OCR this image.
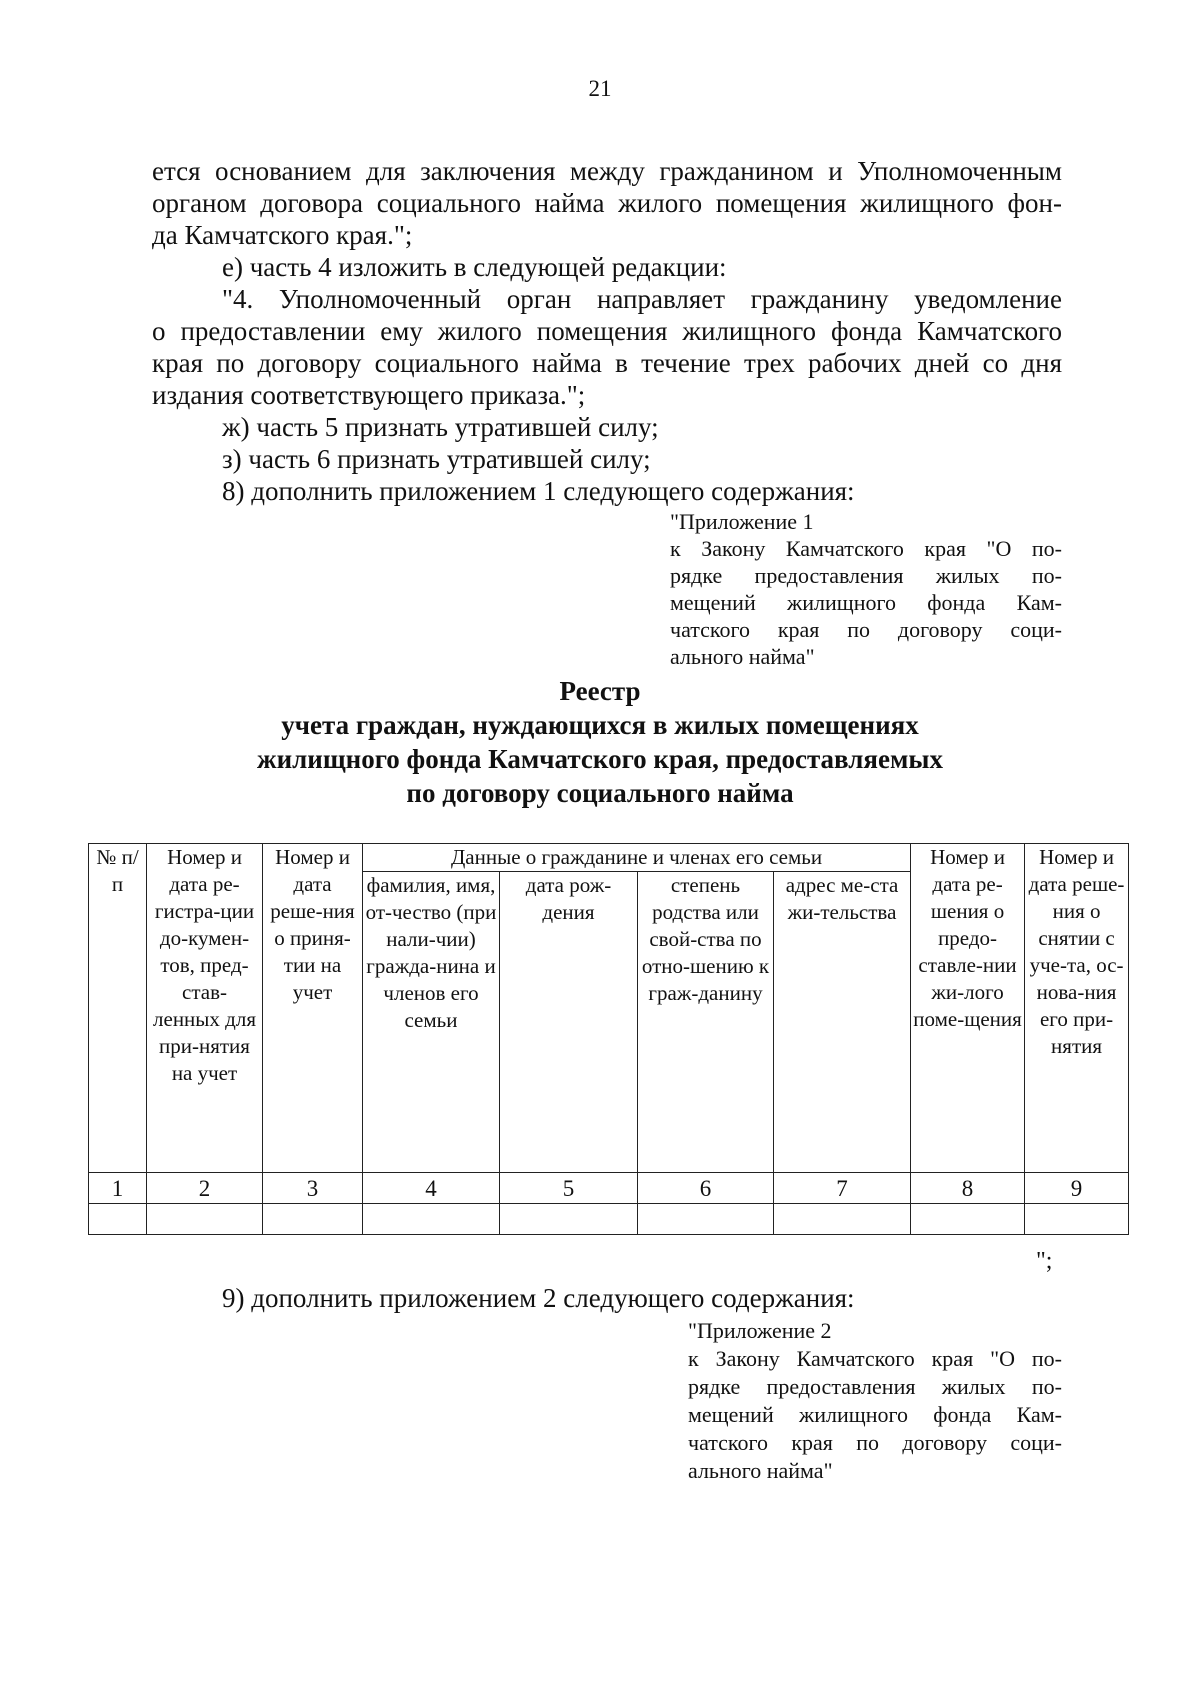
21
ется основанием для заключения между гражданином и Уполномоченным
органом договора социального найма жилого помещения жилищного фон-
да Камчатского края.";
е) часть 4 изложить в следующей редакции:
"4. Уполномоченный орган направляет гражданину уведомление
о предоставлении ему жилого помещения жилищного фонда Камчатского
края по договору социального найма в течение трех рабочих дней со дня
издания соответствующего приказа.";
ж) часть 5 признать утратившей силу;
з) часть 6 признать утратившей силу;
8) дополнить приложением 1 следующего содержания:
"Приложение 1
к Закону Камчатского края "О по-
рядке предоставления жилых по-
мещений жилищного фонда Кам-
чатского края по договору соци-
ального найма"
Реестр
учета граждан, нуждающихся в жилых помещениях
жилищного фонда Камчатского края, предоставляемых
по договору социального найма
№ п/п	Номер и дата ре-гистра-ции до-кумен-тов, пред-став-ленных для при-нятия на учет	Номер и дата реше-ния о приня-тии на учет	Данные о гражданине и членах его семьи				Номер и дата ре-шения о предо-ставле-нии жи-лого поме-щения	Номер и дата реше-ния о снятии с уче-та, ос-нова-ния его при-нятия
			фамилия, имя, от-чество (при нали-чии) гражда-нина и членов его семьи	дата рож-дения	степень родства или свой-ства по отно-шению к граж-данину	адрес ме-ста жи-тельства		
1	2	3	4	5	6	7	8	9

";
9) дополнить приложением 2 следующего содержания:
"Приложение 2
к Закону Камчатского края "О по-
рядке предоставления жилых по-
мещений жилищного фонда Кам-
чатского края по договору соци-
ального найма"
